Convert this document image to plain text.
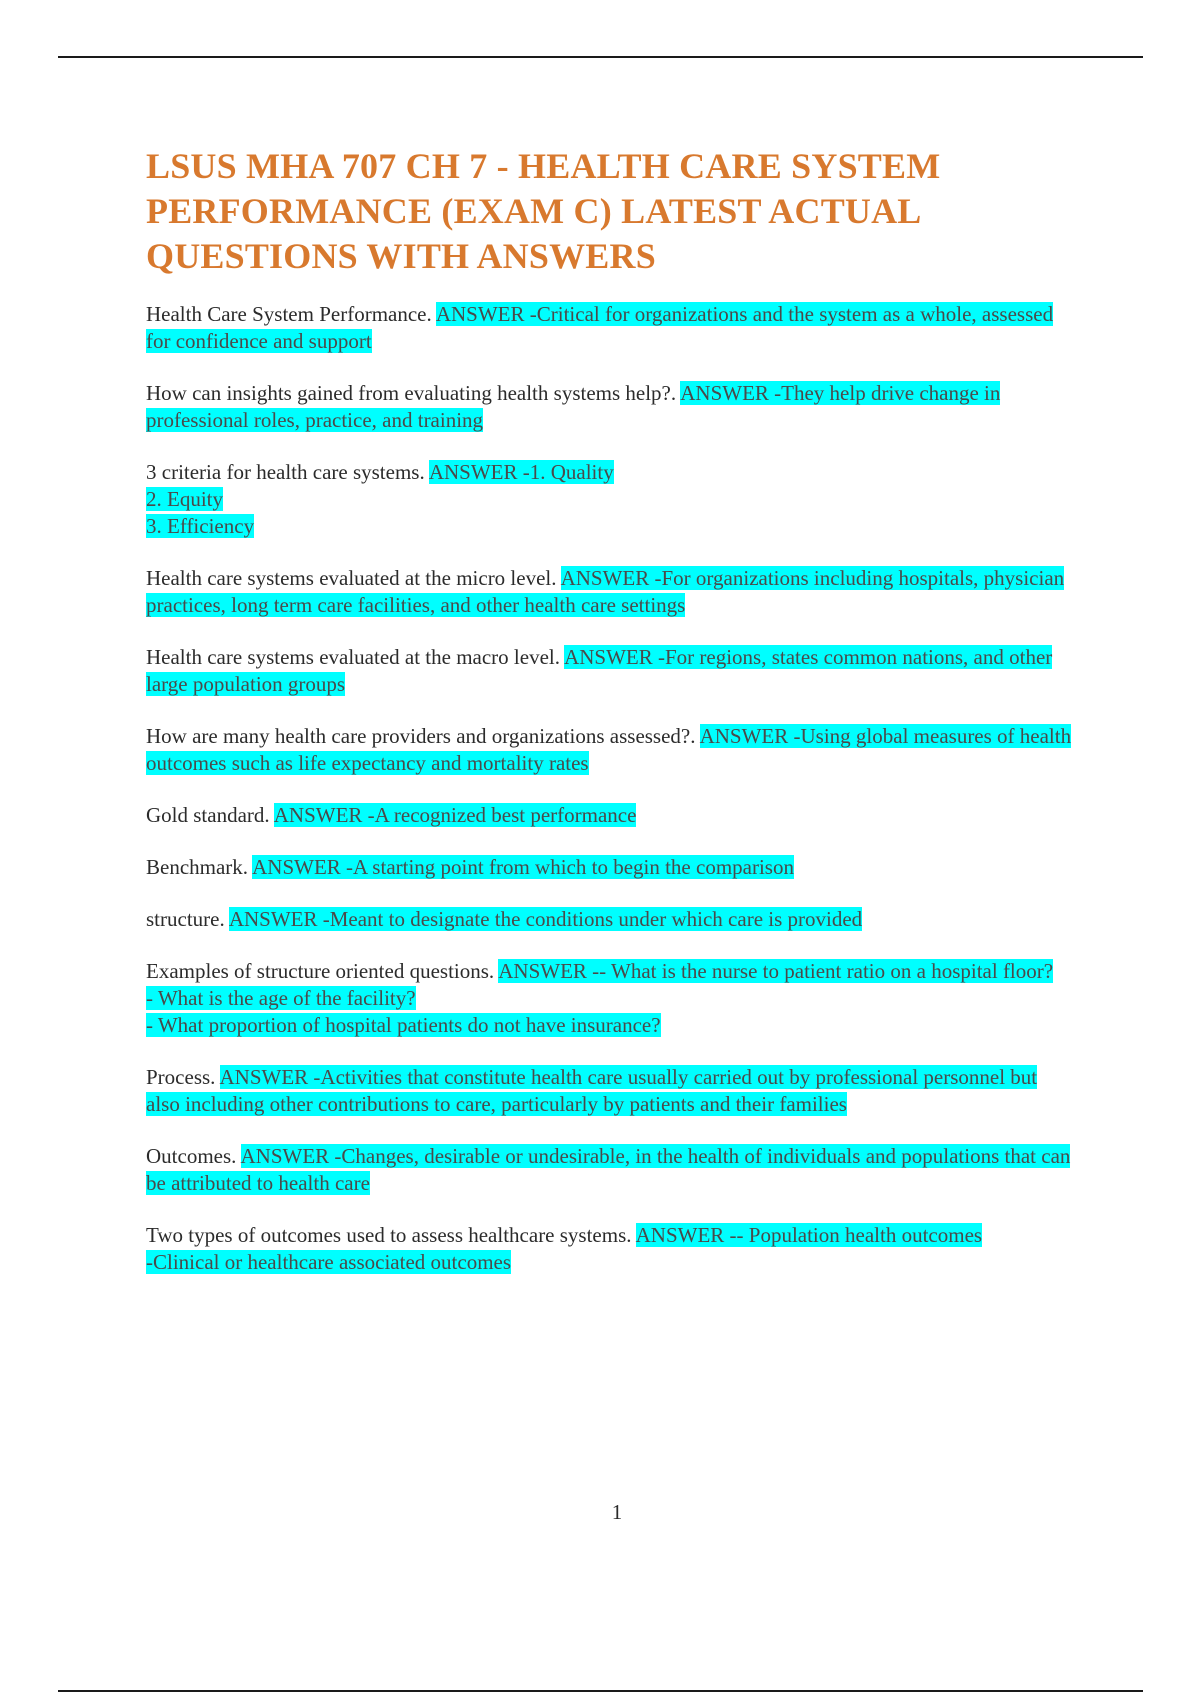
LSUS MHA 707 CH 7 - HEALTH CARE SYSTEM PERFORMANCE (EXAM C) LATEST ACTUAL QUESTIONS WITH ANSWERS

Health Care System Performance. ANSWER -Critical for organizations and the system as a whole, assessed for confidence and support

How can insights gained from evaluating health systems help?. ANSWER -They help drive change in professional roles, practice, and training

3 criteria for health care systems. ANSWER -1. Quality
2. Equity
3. Efficiency

Health care systems evaluated at the micro level. ANSWER -For organizations including hospitals, physician practices, long term care facilities, and other health care settings

Health care systems evaluated at the macro level. ANSWER -For regions, states common nations, and other large population groups

How are many health care providers and organizations assessed?. ANSWER -Using global measures of health outcomes such as life expectancy and mortality rates

Gold standard. ANSWER -A recognized best performance

Benchmark. ANSWER -A starting point from which to begin the comparison

structure. ANSWER -Meant to designate the conditions under which care is provided

Examples of structure oriented questions. ANSWER -- What is the nurse to patient ratio on a hospital floor?
- What is the age of the facility?
- What proportion of hospital patients do not have insurance?

Process. ANSWER -Activities that constitute health care usually carried out by professional personnel but also including other contributions to care, particularly by patients and their families

Outcomes. ANSWER -Changes, desirable or undesirable, in the health of individuals and populations that can be attributed to health care

Two types of outcomes used to assess healthcare systems. ANSWER -- Population health outcomes
-Clinical or healthcare associated outcomes

1
